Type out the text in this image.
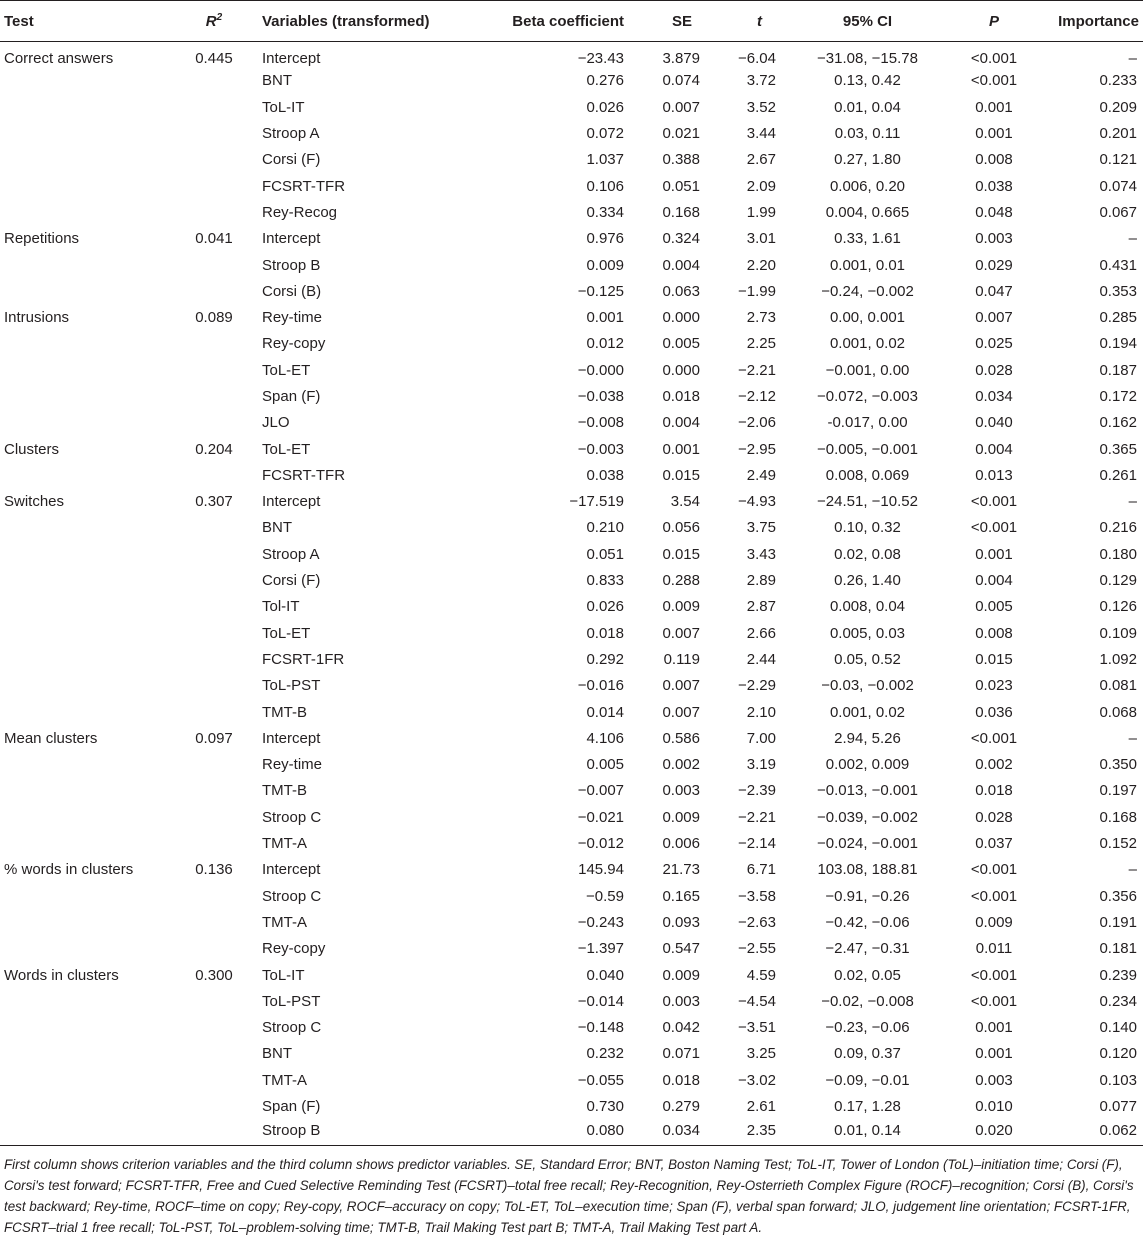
Test	$R^2$	Variables (transformed)	Beta coefficient	SE	t	95% CI	P	Importance
Correct answers	0.445	Intercept	−23.43	3.879	−6.04	−31.08, −15.78	<0.001	–
		BNT	0.276	0.074	3.72	0.13, 0.42	<0.001	0.233
		ToL-IT	0.026	0.007	3.52	0.01, 0.04	0.001	0.209
		Stroop A	0.072	0.021	3.44	0.03, 0.11	0.001	0.201
		Corsi (F)	1.037	0.388	2.67	0.27, 1.80	0.008	0.121
		FCSRT-TFR	0.106	0.051	2.09	0.006, 0.20	0.038	0.074
		Rey-Recog	0.334	0.168	1.99	0.004, 0.665	0.048	0.067
Repetitions	0.041	Intercept	0.976	0.324	3.01	0.33, 1.61	0.003	–
		Stroop B	0.009	0.004	2.20	0.001, 0.01	0.029	0.431
		Corsi (B)	−0.125	0.063	−1.99	−0.24, −0.002	0.047	0.353
Intrusions	0.089	Rey-time	0.001	0.000	2.73	0.00, 0.001	0.007	0.285
		Rey-copy	0.012	0.005	2.25	0.001, 0.02	0.025	0.194
		ToL-ET	−0.000	0.000	−2.21	−0.001, 0.00	0.028	0.187
		Span (F)	−0.038	0.018	−2.12	−0.072, −0.003	0.034	0.172
		JLO	−0.008	0.004	−2.06	-0.017, 0.00	0.040	0.162
Clusters	0.204	ToL-ET	−0.003	0.001	−2.95	−0.005, −0.001	0.004	0.365
		FCSRT-TFR	0.038	0.015	2.49	0.008, 0.069	0.013	0.261
Switches	0.307	Intercept	−17.519	3.54	−4.93	−24.51, −10.52	<0.001	–
		BNT	0.210	0.056	3.75	0.10, 0.32	<0.001	0.216
		Stroop A	0.051	0.015	3.43	0.02, 0.08	0.001	0.180
		Corsi (F)	0.833	0.288	2.89	0.26, 1.40	0.004	0.129
		Tol-IT	0.026	0.009	2.87	0.008, 0.04	0.005	0.126
		ToL-ET	0.018	0.007	2.66	0.005, 0.03	0.008	0.109
		FCSRT-1FR	0.292	0.119	2.44	0.05, 0.52	0.015	1.092
		ToL-PST	−0.016	0.007	−2.29	−0.03, −0.002	0.023	0.081
		TMT-B	0.014	0.007	2.10	0.001, 0.02	0.036	0.068
Mean clusters	0.097	Intercept	4.106	0.586	7.00	2.94, 5.26	<0.001	–
		Rey-time	0.005	0.002	3.19	0.002, 0.009	0.002	0.350
		TMT-B	−0.007	0.003	−2.39	−0.013, −0.001	0.018	0.197
		Stroop C	−0.021	0.009	−2.21	−0.039, −0.002	0.028	0.168
		TMT-A	−0.012	0.006	−2.14	−0.024, −0.001	0.037	0.152
% words in clusters	0.136	Intercept	145.94	21.73	6.71	103.08, 188.81	<0.001	–
		Stroop C	−0.59	0.165	−3.58	−0.91, −0.26	<0.001	0.356
		TMT-A	−0.243	0.093	−2.63	−0.42, −0.06	0.009	0.191
		Rey-copy	−1.397	0.547	−2.55	−2.47, −0.31	0.011	0.181
Words in clusters	0.300	ToL-IT	0.040	0.009	4.59	0.02, 0.05	<0.001	0.239
		ToL-PST	−0.014	0.003	−4.54	−0.02, −0.008	<0.001	0.234
		Stroop C	−0.148	0.042	−3.51	−0.23, −0.06	0.001	0.140
		BNT	0.232	0.071	3.25	0.09, 0.37	0.001	0.120
		TMT-A	−0.055	0.018	−3.02	−0.09, −0.01	0.003	0.103
		Span (F)	0.730	0.279	2.61	0.17, 1.28	0.010	0.077
		Stroop B	0.080	0.034	2.35	0.01, 0.14	0.020	0.062
First column shows criterion variables and the third column shows predictor variables. SE, Standard Error; BNT, Boston Naming Test; ToL-IT, Tower of London (ToL)–initiation time; Corsi (F), Corsi's test forward; FCSRT-TFR, Free and Cued Selective Reminding Test (FCSRT)–total free recall; Rey-Recognition, Rey-Osterrieth Complex Figure (ROCF)–recognition; Corsi (B), Corsi's test backward; Rey-time, ROCF–time on copy; Rey-copy, ROCF–accuracy on copy; ToL-ET, ToL–execution time; Span (F), verbal span forward; JLO, judgement line orientation; FCSRT-1FR, FCSRT–trial 1 free recall; ToL-PST, ToL–problem-solving time; TMT-B, Trail Making Test part B; TMT-A, Trail Making Test part A.
